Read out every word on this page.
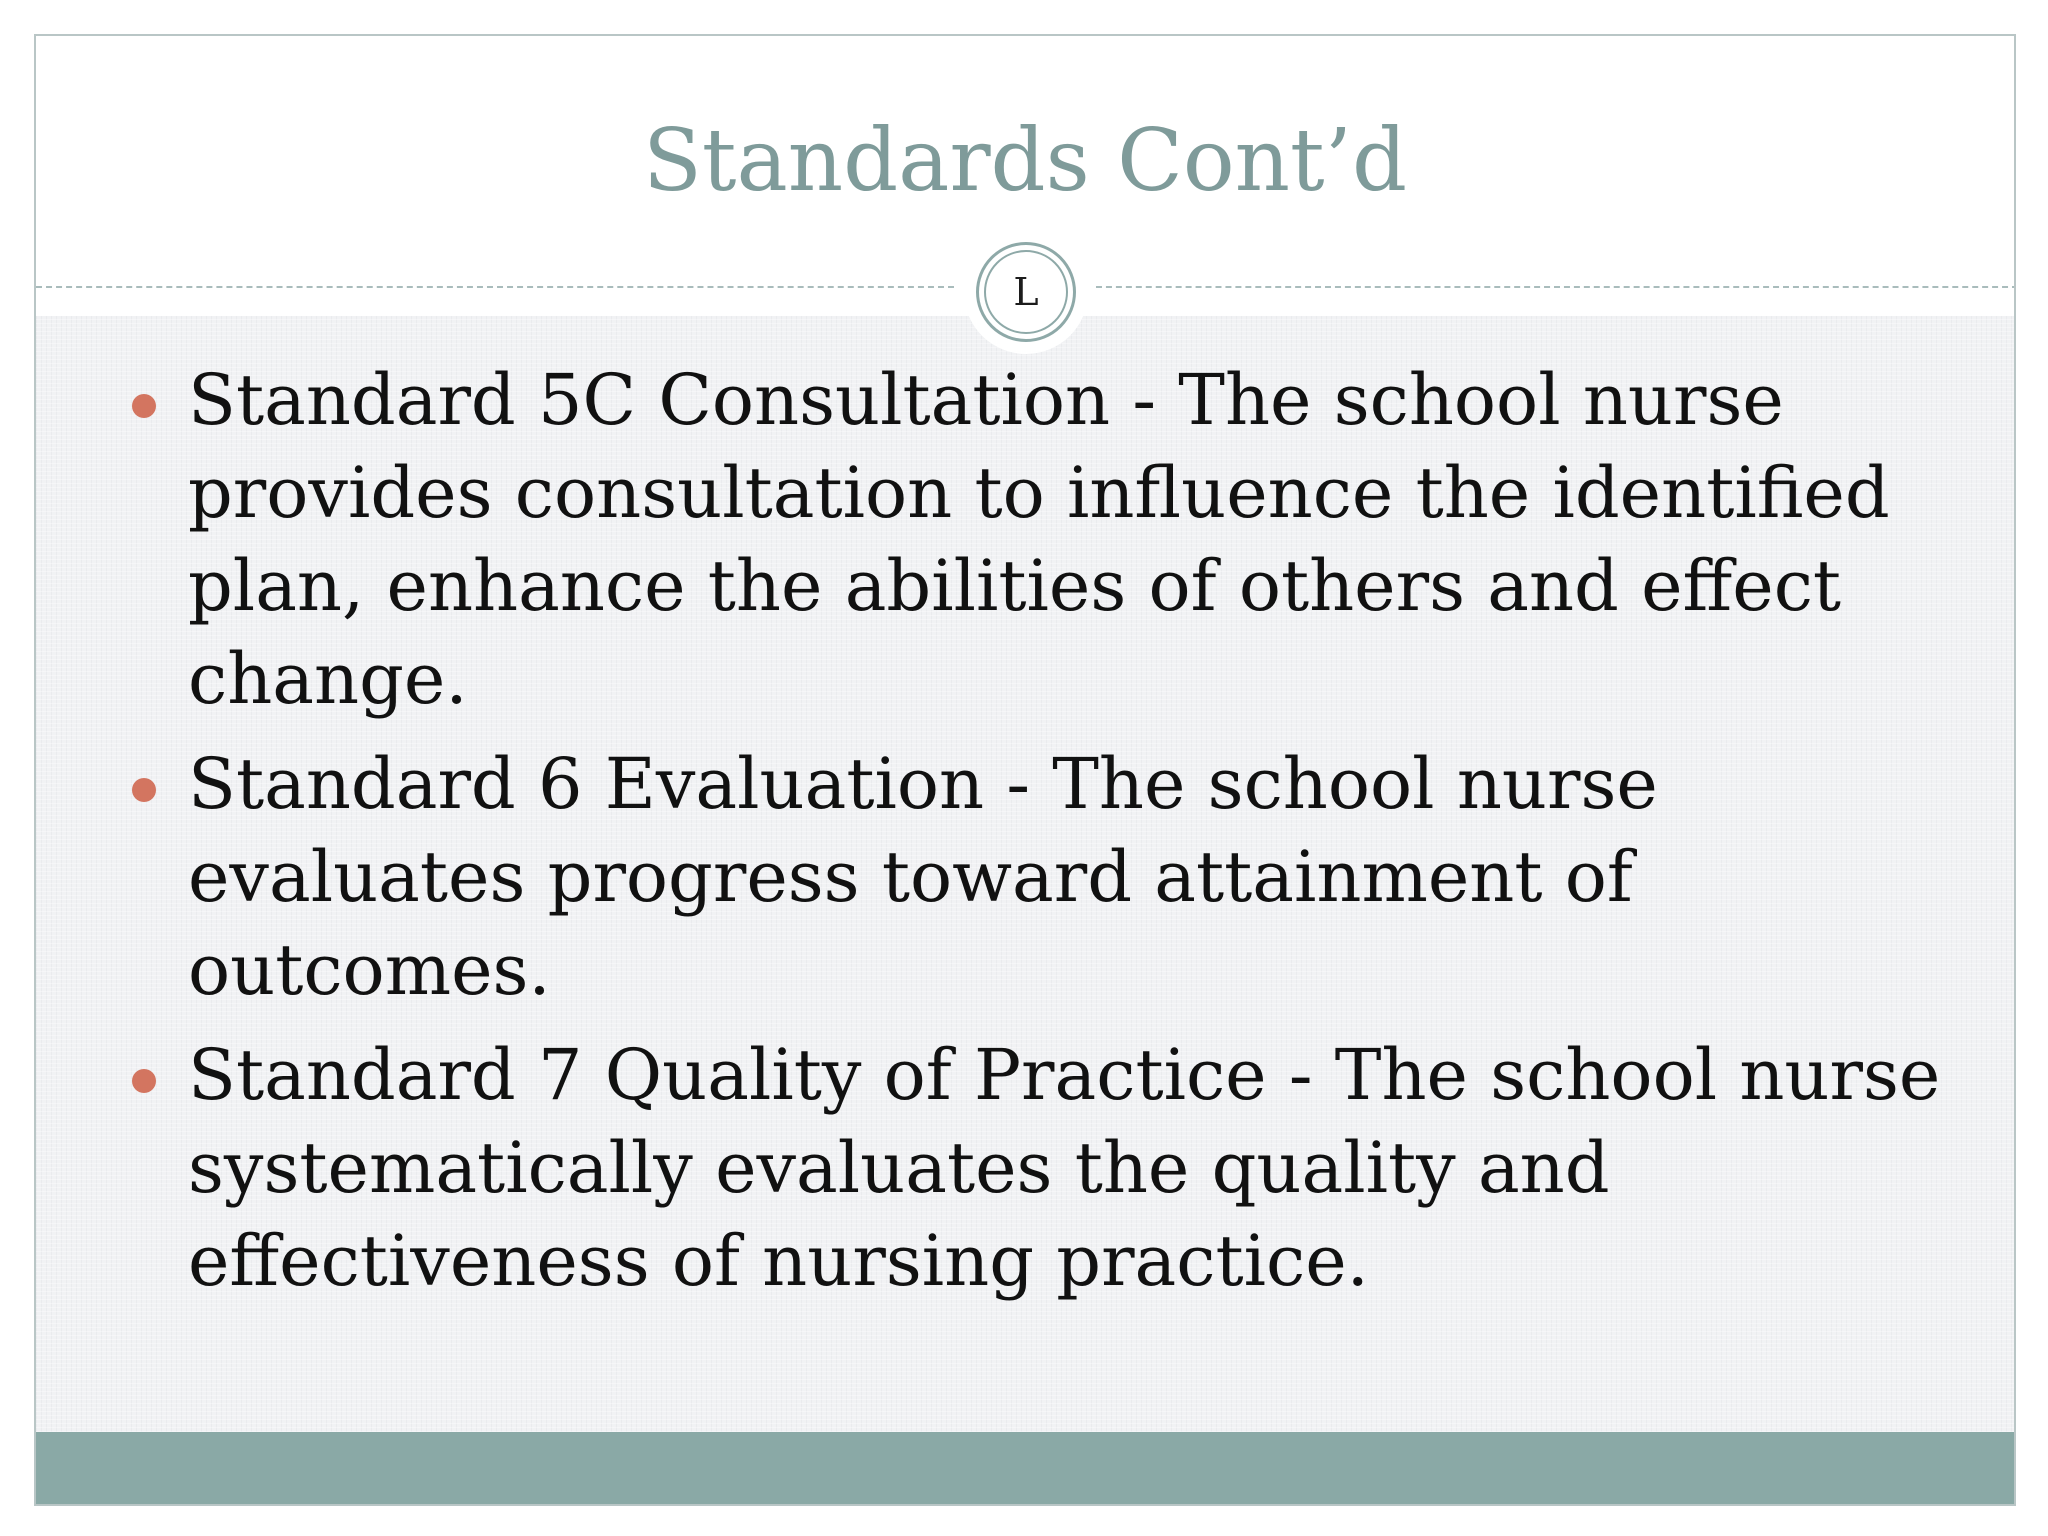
Standards Cont’d
L
Standard 5C Consultation - The school nurse provides consultation to influence the identified plan, enhance the abilities of others and effect change.
Standard 6 Evaluation - The school nurse evaluates progress toward attainment of outcomes.
Standard 7 Quality of Practice - The school nurse systematically evaluates the quality and effectiveness of nursing practice.
